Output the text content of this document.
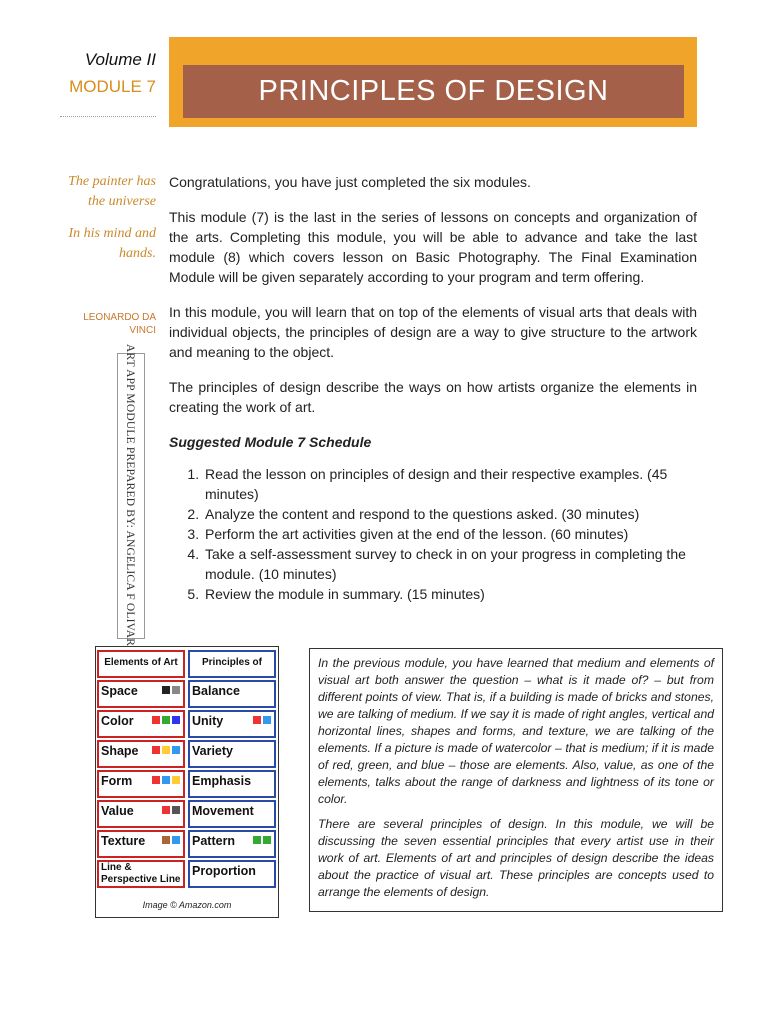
Volume II
MODULE 7	PRINCIPLES OF DESIGN

The painter has the universe

In his mind and hands.

LEONARDO DA VINCI
ART APP MODULE PREPARED BY: ANGELICA F OLIVAR

Congratulations, you have just completed the six modules.

This module (7) is the last in the series of lessons on concepts and organization of the arts. Completing this module, you will be able to advance and take the last module (8) which covers lesson on Basic Photography. The Final Examination Module will be given separately according to your program and term offering.

In this module, you will learn that on top of the elements of visual arts that deals with individual objects, the principles of design are a way to give structure to the artwork and meaning to the object.

The principles of design describe the ways on how artists organize the elements in creating the work of art.

Suggested Module 7 Schedule
1. Read the lesson on principles of design and their respective examples. (45 minutes)
2. Analyze the content and respond to the questions asked. (30 minutes)
3. Perform the art activities given at the end of the lesson. (60 minutes)
4. Take a self-assessment survey to check in on your progress in completing the module. (10 minutes)
5. Review the module in summary. (15 minutes)
Elements of Art
Space
Color
Shape
Form
Value
Texture
Line & Perspective Line
Principles of
Balance
Unity
Variety
Emphasis
Movement
Pattern
Proportion
Image © Amazon.com

In the previous module, you have learned that medium and elements of visual art both answer the question – what is it made of? – but from different points of view. That is, if a building is made of bricks and stones, we are talking of medium. If we say it is made of right angles, vertical and horizontal lines, shapes and forms, and texture, we are talking of the elements. If a picture is made of watercolor – that is medium; if it is made of red, green, and blue – those are elements. Also, value, as one of the elements, talks about the range of darkness and lightness of its tone or color.

There are several principles of design. In this module, we will be discussing the seven essential principles that every artist use in their work of art. Elements of art and principles of design describe the ideas about the practice of visual art. These principles are concepts used to arrange the elements of design.
